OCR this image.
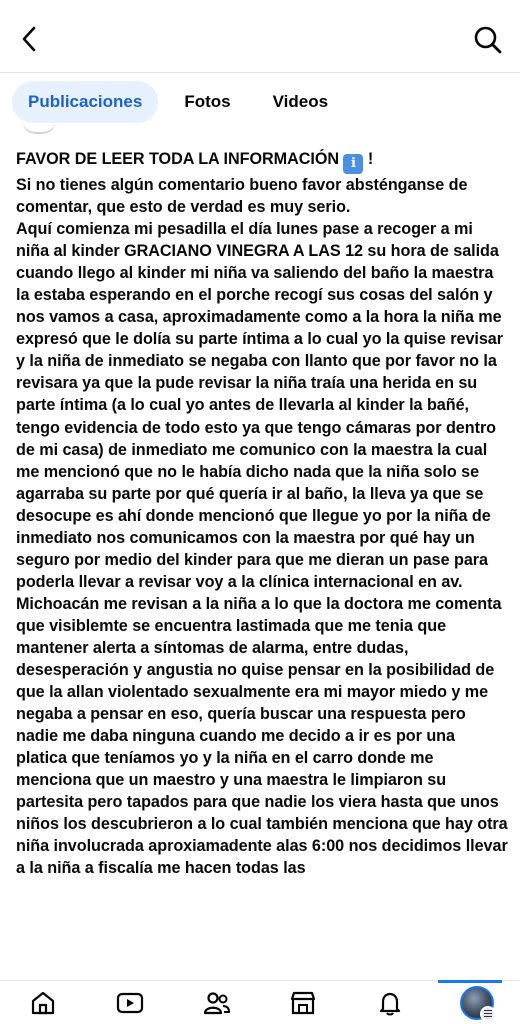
Publicaciones	Fotos	Videos

FAVOR DE LEER TODA LA INFORMACIÓN i !

Si no tienes algún comentario bueno favor absténganse de comentar, que esto de verdad es muy serio.
Aquí comienza mi pesadilla el día lunes pase a recoger a mi niña al kinder GRACIANO VINEGRA A LAS 12 su hora de salida cuando llego al kinder mi niña va saliendo del baño la maestra la estaba esperando en el porche recogí sus cosas del salón y nos vamos a casa, aproximadamente como a la hora la niña me expresó que le dolía su parte íntima a lo cual yo la quise revisar y la niña de inmediato se negaba con llanto que por favor no la revisara ya que la pude revisar la niña traía una herida en su parte íntima (a lo cual yo antes de llevarla al kinder la bañé, tengo evidencia de todo esto ya que tengo cámaras por dentro de mi casa) de inmediato me comunico con la maestra la cual me mencionó que no le había dicho nada que la niña solo se agarraba su parte por qué quería ir al baño, la lleva ya que se desocupe es ahí donde mencionó que llegue yo por la niña de inmediato nos comunicamos con la maestra por qué hay un seguro por medio del kinder para que me dieran un pase para poderla llevar a revisar voy a la clínica internacional en av. Michoacán me revisan a la niña a lo que la doctora me comenta que visiblemte se encuentra lastimada que me tenia que mantener alerta a síntomas de alarma, entre dudas, desesperación y angustia no quise pensar en la posibilidad de que la allan violentado sexualmente era mi mayor miedo y me negaba a pensar en eso, quería buscar una respuesta pero nadie me daba ninguna cuando me decido a ir es por una platica que teníamos yo y la niña en el carro donde me menciona que un maestro y una maestra le limpiaron su partesita pero tapados para que nadie los viera hasta que unos niños los descubrieron a lo cual también menciona que hay otra niña involucrada aproxiamadente alas 6:00 nos decidimos llevar a la niña a fiscalía me hacen todas las
